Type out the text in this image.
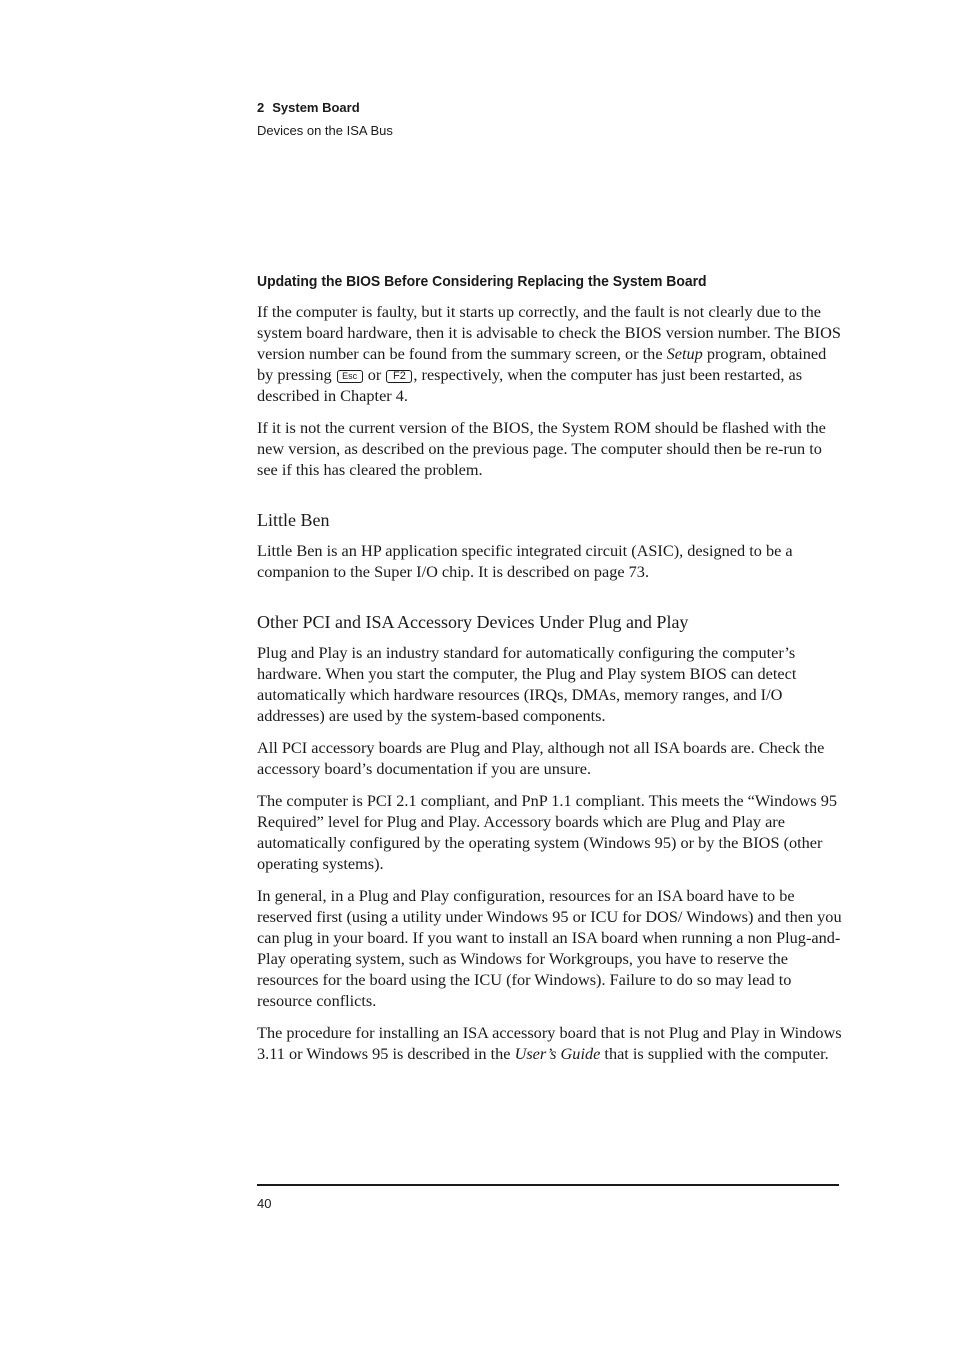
2 System Board
Devices on the ISA Bus
Updating the BIOS Before Considering Replacing the System Board

If the computer is faulty, but it starts up correctly, and the fault is not clearly due to the system board hardware, then it is advisable to check the BIOS version number. The BIOS version number can be found from the summary screen, or the Setup program, obtained by pressing Esc or F2 , respectively, when the computer has just been restarted, as described in Chapter 4.

If it is not the current version of the BIOS, the System ROM should be flashed with the new version, as described on the previous page. The computer should then be re-run to see if this has cleared the problem.

Little Ben

Little Ben is an HP application specific integrated circuit (ASIC), designed to be a companion to the Super I/O chip. It is described on page 73.

Other PCI and ISA Accessory Devices Under Plug and Play

Plug and Play is an industry standard for automatically configuring the computer’s hardware. When you start the computer, the Plug and Play system BIOS can detect automatically which hardware resources (IRQs, DMAs, memory ranges, and I/O addresses) are used by the system-based components.

All PCI accessory boards are Plug and Play, although not all ISA boards are. Check the accessory board’s documentation if you are unsure.

The computer is PCI 2.1 compliant, and PnP 1.1 compliant. This meets the “Windows 95 Required” level for Plug and Play. Accessory boards which are Plug and Play are automatically configured by the operating system (Windows 95) or by the BIOS (other operating systems).

In general, in a Plug and Play configuration, resources for an ISA board have to be reserved first (using a utility under Windows 95 or ICU for DOS/ Windows) and then you can plug in your board. If you want to install an ISA board when running a non Plug-and-Play operating system, such as Windows for Workgroups, you have to reserve the resources for the board using the ICU (for Windows). Failure to do so may lead to resource conflicts.

The procedure for installing an ISA accessory board that is not Plug and Play in Windows 3.11 or Windows 95 is described in the User’s Guide that is supplied with the computer.

40
